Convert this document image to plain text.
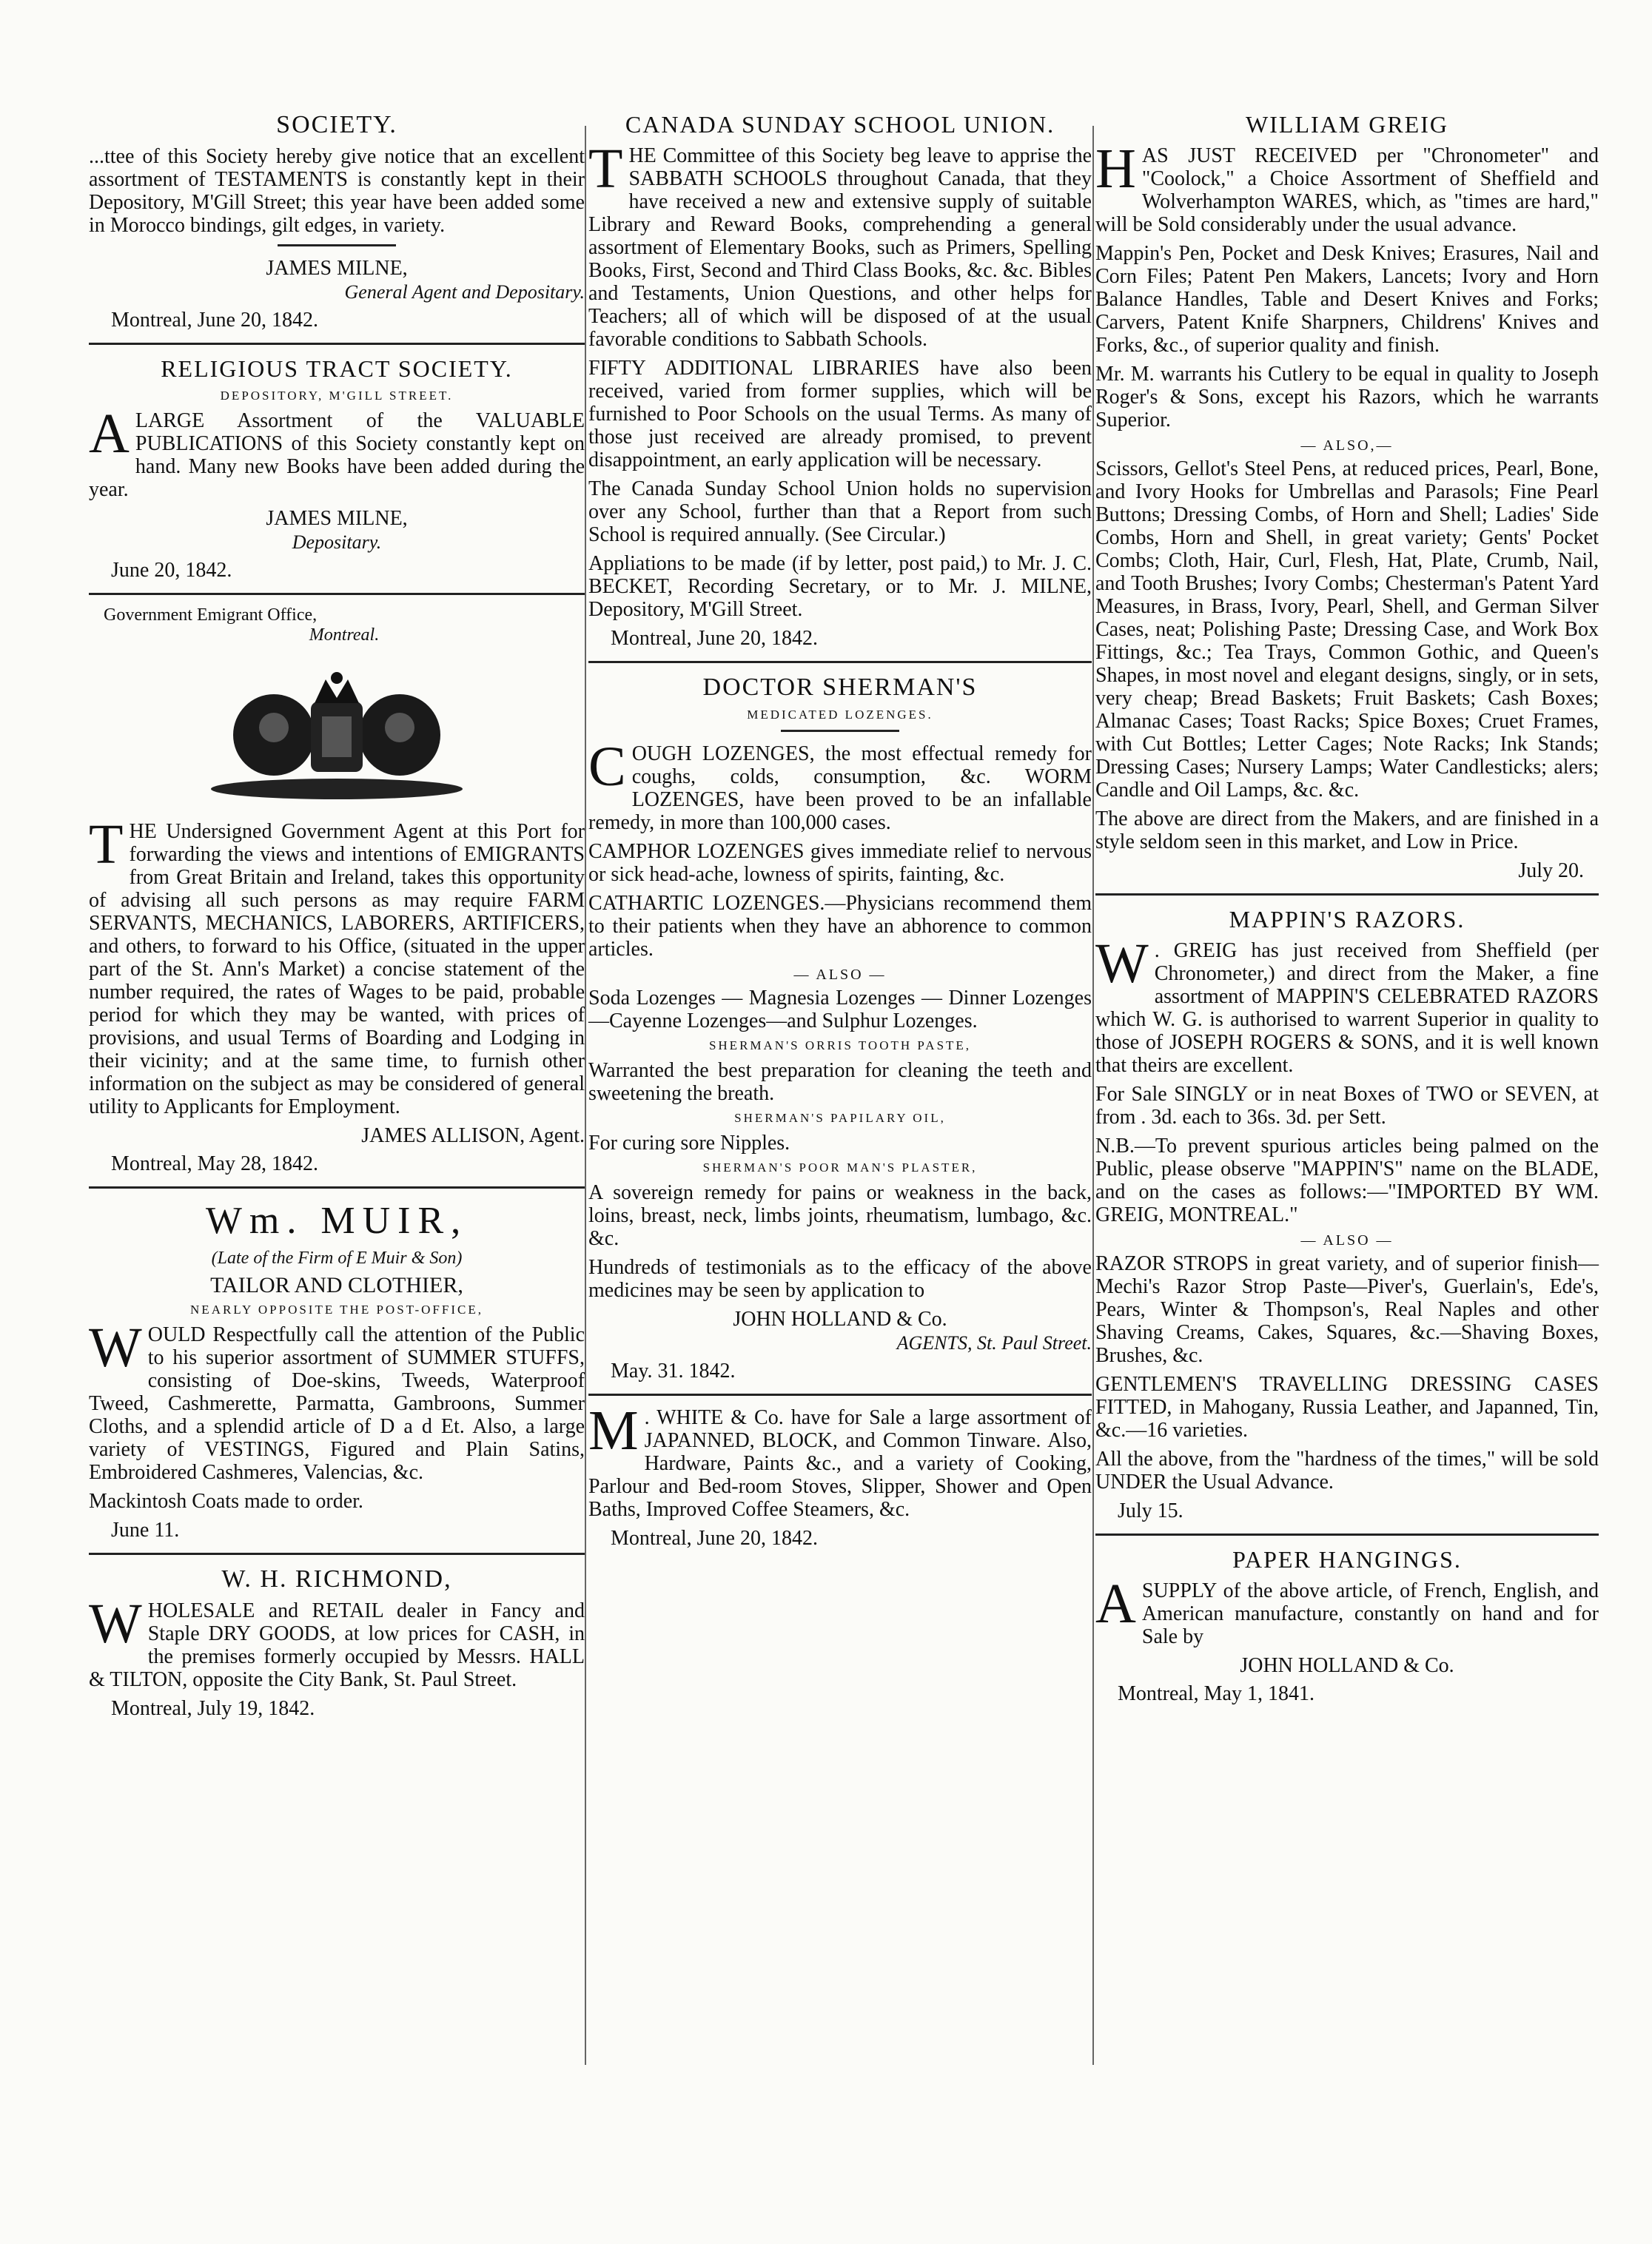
SOCIETY.

...ttee of this Society hereby give notice that an excellent assortment of TESTAMENTS is constantly kept in their Depository, M'Gill Street; this year have been added some in Morocco bindings, gilt edges, in variety.

JAMES MILNE,

General Agent and Depositary.

Montreal, June 20, 1842.

RELIGIOUS TRACT SOCIETY.
DEPOSITORY, M'GILL STREET.

ALARGE Assortment of the VALUABLE PUBLICATIONS of this Society constantly kept on hand. Many new Books have been added during the year.

JAMES MILNE,

Depositary.

June 20, 1842.

Government Emigrant Office,
Montreal.

THE Undersigned Government Agent at this Port for forwarding the views and intentions of EMIGRANTS from Great Britain and Ireland, takes this opportunity of advising all such persons as may require FARM SERVANTS, MECHANICS, LABORERS, ARTIFICERS, and others, to forward to his Office, (situated in the upper part of the St. Ann's Market) a concise statement of the number required, the rates of Wages to be paid, probable period for which they may be wanted, with prices of provisions, and usual Terms of Boarding and Lodging in their vicinity; and at the same time, to furnish other information on the subject as may be considered of general utility to Applicants for Employment.

JAMES ALLISON, Agent.

Montreal, May 28, 1842.

Wm. MUIR,
(Late of the Firm of E Muir & Son)
TAILOR AND CLOTHIER,
NEARLY OPPOSITE THE POST-OFFICE,

WOULD Respectfully call the attention of the Public to his superior assortment of SUMMER STUFFS, consisting of Doe-skins, Tweeds, Waterproof Tweed, Cashmerette, Parmatta, Gambroons, Summer Cloths, and a splendid article of D a d Et. Also, a large variety of VESTINGS, Figured and Plain Satins, Embroidered Cashmeres, Valencias, &c.

Mackintosh Coats made to order.

June 11.

W. H. RICHMOND,

WHOLESALE and RETAIL dealer in Fancy and Staple DRY GOODS, at low prices for CASH, in the premises formerly occupied by Messrs. HALL & TILTON, opposite the City Bank, St. Paul Street.

Montreal, July 19, 1842.

CANADA SUNDAY SCHOOL UNION.

THE Committee of this Society beg leave to apprise the SABBATH SCHOOLS throughout Canada, that they have received a new and extensive supply of suitable Library and Reward Books, comprehending a general assortment of Elementary Books, such as Primers, Spelling Books, First, Second and Third Class Books, &c. &c. Bibles and Testaments, Union Questions, and other helps for Teachers; all of which will be disposed of at the usual favorable conditions to Sabbath Schools.

FIFTY ADDITIONAL LIBRARIES have also been received, varied from former supplies, which will be furnished to Poor Schools on the usual Terms. As many of those just received are already promised, to prevent disappointment, an early application will be necessary.

The Canada Sunday School Union holds no supervision over any School, further than that a Report from such School is required annually. (See Circular.)

Appliations to be made (if by letter, post paid,) to Mr. J. C. BECKET, Recording Secretary, or to Mr. J. MILNE, Depository, M'Gill Street.

Montreal, June 20, 1842.

DOCTOR SHERMAN'S
MEDICATED LOZENGES.

COUGH LOZENGES, the most effectual remedy for coughs, colds, consumption, &c. WORM LOZENGES, have been proved to be an infallable remedy, in more than 100,000 cases.

CAMPHOR LOZENGES gives immediate relief to nervous or sick head-ache, lowness of spirits, fainting, &c.

CATHARTIC LOZENGES.—Physicians recommend them to their patients when they have an abhorence to common articles.

— ALSO —

Soda Lozenges — Magnesia Lozenges — Dinner Lozenges—Cayenne Lozenges—and Sulphur Lozenges.

SHERMAN'S ORRIS TOOTH PASTE,

Warranted the best preparation for cleaning the teeth and sweetening the breath.

SHERMAN'S PAPILARY OIL,

For curing sore Nipples.

SHERMAN'S POOR MAN'S PLASTER,

A sovereign remedy for pains or weakness in the back, loins, breast, neck, limbs joints, rheumatism, lumbago, &c. &c.

Hundreds of testimonials as to the efficacy of the above medicines may be seen by application to

JOHN HOLLAND & Co.

AGENTS, St. Paul Street.

May. 31. 1842.

M . WHITE & Co. have for Sale a large assortment of JAPANNED, BLOCK, and Common Tinware. Also, Hardware, Paints &c., and a variety of Cooking, Parlour and Bed-room Stoves, Slipper, Shower and Open Baths, Improved Coffee Steamers, &c.

Montreal, June 20, 1842.

WILLIAM GREIG

HAS JUST RECEIVED per "Chronometer" and "Coolock," a Choice Assortment of Sheffield and Wolverhampton WARES, which, as "times are hard," will be Sold considerably under the usual advance.

Mappin's Pen, Pocket and Desk Knives; Erasures, Nail and Corn Files; Patent Pen Makers, Lancets; Ivory and Horn Balance Handles, Table and Desert Knives and Forks; Carvers, Patent Knife Sharpners, Childrens' Knives and Forks, &c., of superior quality and finish.

Mr. M. warrants his Cutlery to be equal in quality to Joseph Roger's & Sons, except his Razors, which he warrants Superior.

— ALSO,—

Scissors, Gellot's Steel Pens, at reduced prices, Pearl, Bone, and Ivory Hooks for Umbrellas and Parasols; Fine Pearl Buttons; Dressing Combs, of Horn and Shell; Ladies' Side Combs, Horn and Shell, in great variety; Gents' Pocket Combs; Cloth, Hair, Curl, Flesh, Hat, Plate, Crumb, Nail, and Tooth Brushes; Ivory Combs; Chesterman's Patent Yard Measures, in Brass, Ivory, Pearl, Shell, and German Silver Cases, neat; Polishing Paste; Dressing Case, and Work Box Fittings, &c.; Tea Trays, Common Gothic, and Queen's Shapes, in most novel and elegant designs, singly, or in sets, very cheap; Bread Baskets; Fruit Baskets; Cash Boxes; Almanac Cases; Toast Racks; Spice Boxes; Cruet Frames, with Cut Bottles; Letter Cages; Note Racks; Ink Stands; Dressing Cases; Nursery Lamps; Water Candlesticks; alers; Candle and Oil Lamps, &c. &c.

The above are direct from the Makers, and are finished in a style seldom seen in this market, and Low in Price.

July 20.

MAPPIN'S RAZORS.

W . GREIG has just received from Sheffield (per Chronometer,) and direct from the Maker, a fine assortment of MAPPIN'S CELEBRATED RAZORS which W. G. is authorised to warrent Superior in quality to those of JOSEPH ROGERS & SONS, and it is well known that theirs are excellent.

For Sale SINGLY or in neat Boxes of TWO or SEVEN, at from . 3d. each to 36s. 3d. per Sett.

N.B.—To prevent spurious articles being palmed on the Public, please observe "MAPPIN'S" name on the BLADE, and on the cases as follows:—"IMPORTED BY WM. GREIG, MONTREAL."

— ALSO —

RAZOR STROPS in great variety, and of superior finish—Mechi's Razor Strop Paste—Piver's, Guerlain's, Ede's, Pears, Winter & Thompson's, Real Naples and other Shaving Creams, Cakes, Squares, &c.—Shaving Boxes, Brushes, &c.

GENTLEMEN'S TRAVELLING DRESSING CASES FITTED, in Mahogany, Russia Leather, and Japanned, Tin, &c.—16 varieties.

All the above, from the "hardness of the times," will be sold UNDER the Usual Advance.

July 15.

PAPER HANGINGS.

ASUPPLY of the above article, of French, English, and American manufacture, constantly on hand and for Sale by

JOHN HOLLAND & Co.

Montreal, May 1, 1841.
